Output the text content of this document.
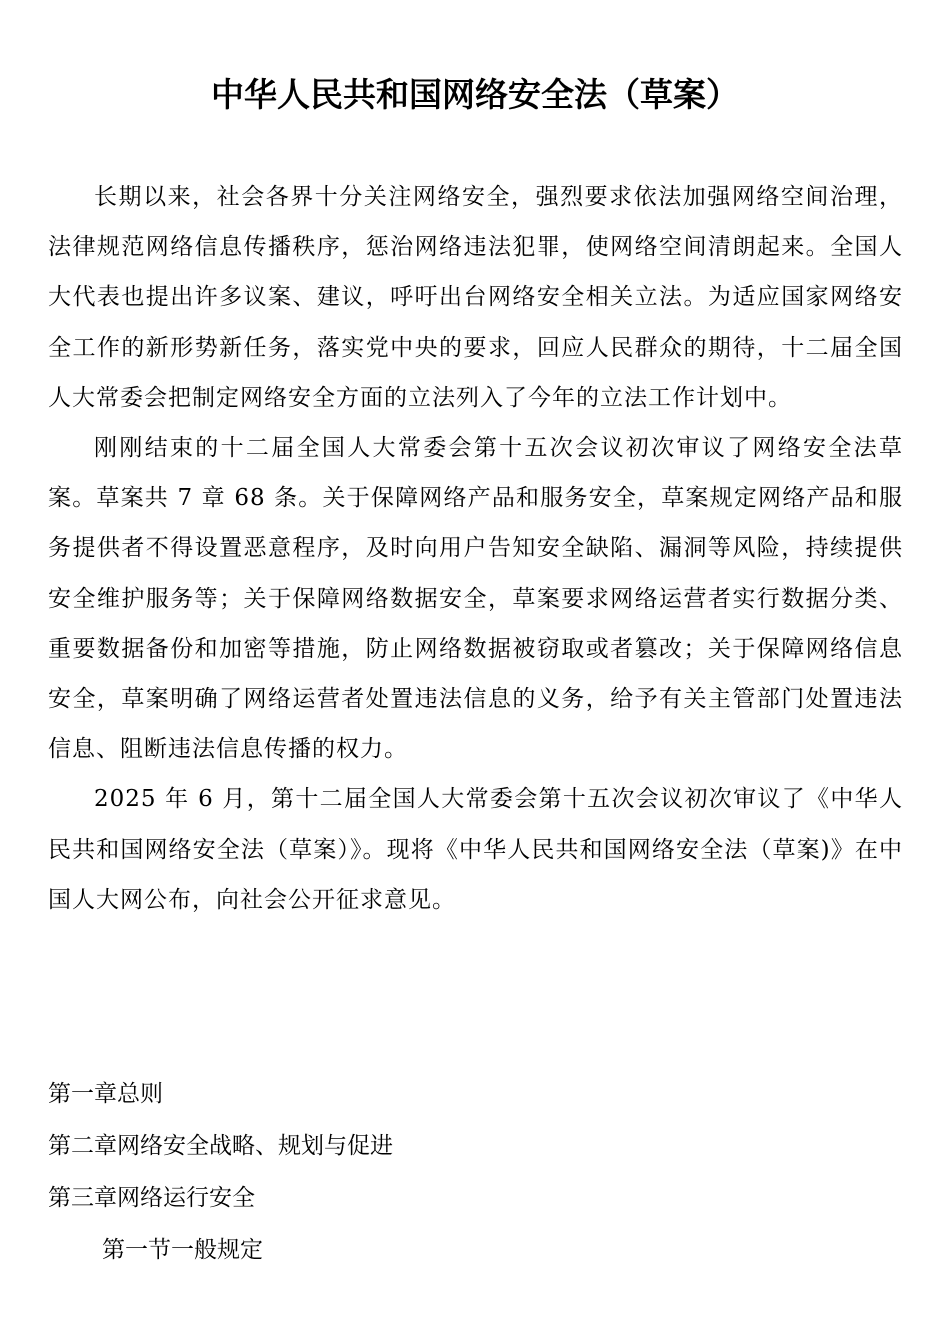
中华人民共和国网络安全法（草案）

长期以来，社会各界十分关注网络安全，强烈要求依法加强网络空间治理，法律规范网络信息传播秩序，惩治网络违法犯罪，使网络空间清朗起来。全国人大代表也提出许多议案、建议，呼吁出台网络安全相关立法。为适应国家网络安全工作的新形势新任务，落实党中央的要求，回应人民群众的期待，十二届全国人大常委会把制定网络安全方面的立法列入了今年的立法工作计划中。

刚刚结束的十二届全国人大常委会第十五次会议初次审议了网络安全法草案。草案共 7 章 68 条。关于保障网络产品和服务安全，草案规定网络产品和服务提供者不得设置恶意程序，及时向用户告知安全缺陷、漏洞等风险，持续提供安全维护服务等；关于保障网络数据安全，草案要求网络运营者实行数据分类、重要数据备份和加密等措施，防止网络数据被窃取或者篡改；关于保障网络信息安全，草案明确了网络运营者处置违法信息的义务，给予有关主管部门处置违法信息、阻断违法信息传播的权力。

2025 年 6 月，第十二届全国人大常委会第十五次会议初次审议了《中华人民共和国网络安全法（草案）》。现将《中华人民共和国网络安全法（草案)》在中国人大网公布，向社会公开征求意见。

第一章总则

第二章网络安全战略、规划与促进

第三章网络运行安全

第一节一般规定
